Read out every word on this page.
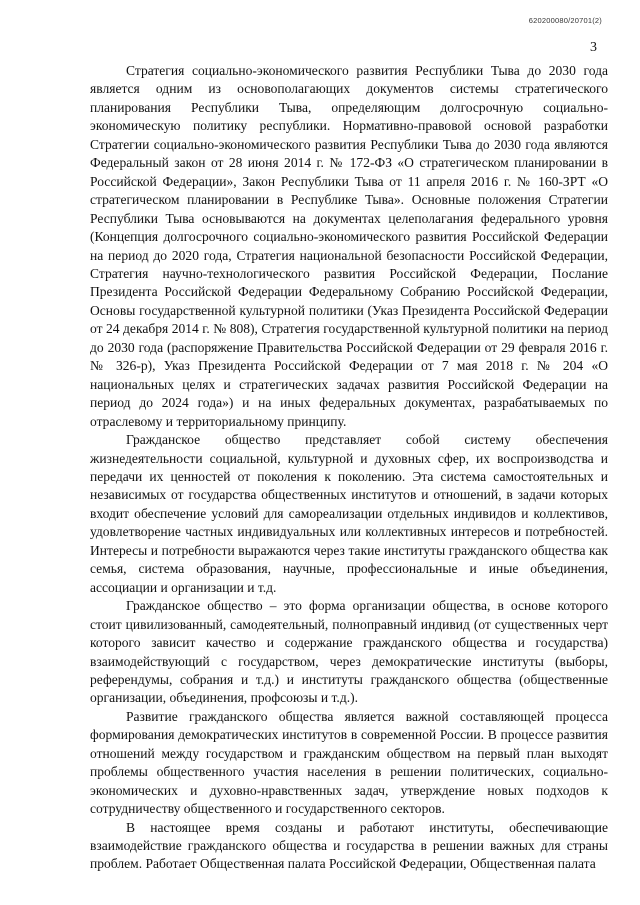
620200080/20701(2)
3

Стратегия социально-экономического развития Республики Тыва до 2030 года является одним из основополагающих документов системы стратегического планирования Республики Тыва, определяющим долгосрочную социально-экономическую политику республики. Нормативно-правовой основой разработки Стратегии социально-экономического развития Республики Тыва до 2030 года являются Федеральный закон от 28 июня 2014 г. № 172-ФЗ «О стратегическом планировании в Российской Федерации», Закон Республики Тыва от 11 апреля 2016 г. № 160-ЗРТ «О стратегическом планировании в Республике Тыва». Основные положения Стратегии Республики Тыва основываются на документах целеполагания федерального уровня (Концепция долгосрочного социально-экономического развития Российской Федерации на период до 2020 года, Стратегия национальной безопасности Российской Федерации, Стратегия научно-технологического развития Российской Федерации, Послание Президента Российской Федерации Федеральному Собранию Российской Федерации, Основы государственной культурной политики (Указ Президента Российской Федерации от 24 декабря 2014 г. № 808), Стратегия государственной культурной политики на период до 2030 года (распоряжение Правительства Российской Федерации от 29 февраля 2016 г. № 326-р), Указ Президента Российской Федерации от 7 мая 2018 г. № 204 «О национальных целях и стратегических задачах развития Российской Федерации на период до 2024 года») и на иных федеральных документах, разрабатываемых по отраслевому и территориальному принципу.

Гражданское общество представляет собой систему обеспечения жизнедеятельности социальной, культурной и духовных сфер, их воспроизводства и передачи их ценностей от поколения к поколению. Эта система самостоятельных и независимых от государства общественных институтов и отношений, в задачи которых входит обеспечение условий для самореализации отдельных индивидов и коллективов, удовлетворение частных индивидуальных или коллективных интересов и потребностей. Интересы и потребности выражаются через такие институты гражданского общества как семья, система образования, научные, профессиональные и иные объединения, ассоциации и организации и т.д.

Гражданское общество – это форма организации общества, в основе которого стоит цивилизованный, самодеятельный, полноправный индивид (от существенных черт которого зависит качество и содержание гражданского общества и государства) взаимодействующий с государством, через демократические институты (выборы, референдумы, собрания и т.д.) и институты гражданского общества (общественные организации, объединения, профсоюзы и т.д.).

Развитие гражданского общества является важной составляющей процесса формирования демократических институтов в современной России. В процессе развития отношений между государством и гражданским обществом на первый план выходят проблемы общественного участия населения в решении политических, социально-экономических и духовно-нравственных задач, утверждение новых подходов к сотрудничеству общественного и государственного секторов.

В настоящее время созданы и работают институты, обеспечивающие взаимодействие гражданского общества и государства в решении важных для страны проблем. Работает Общественная палата Российской Федерации, Общественная палата
